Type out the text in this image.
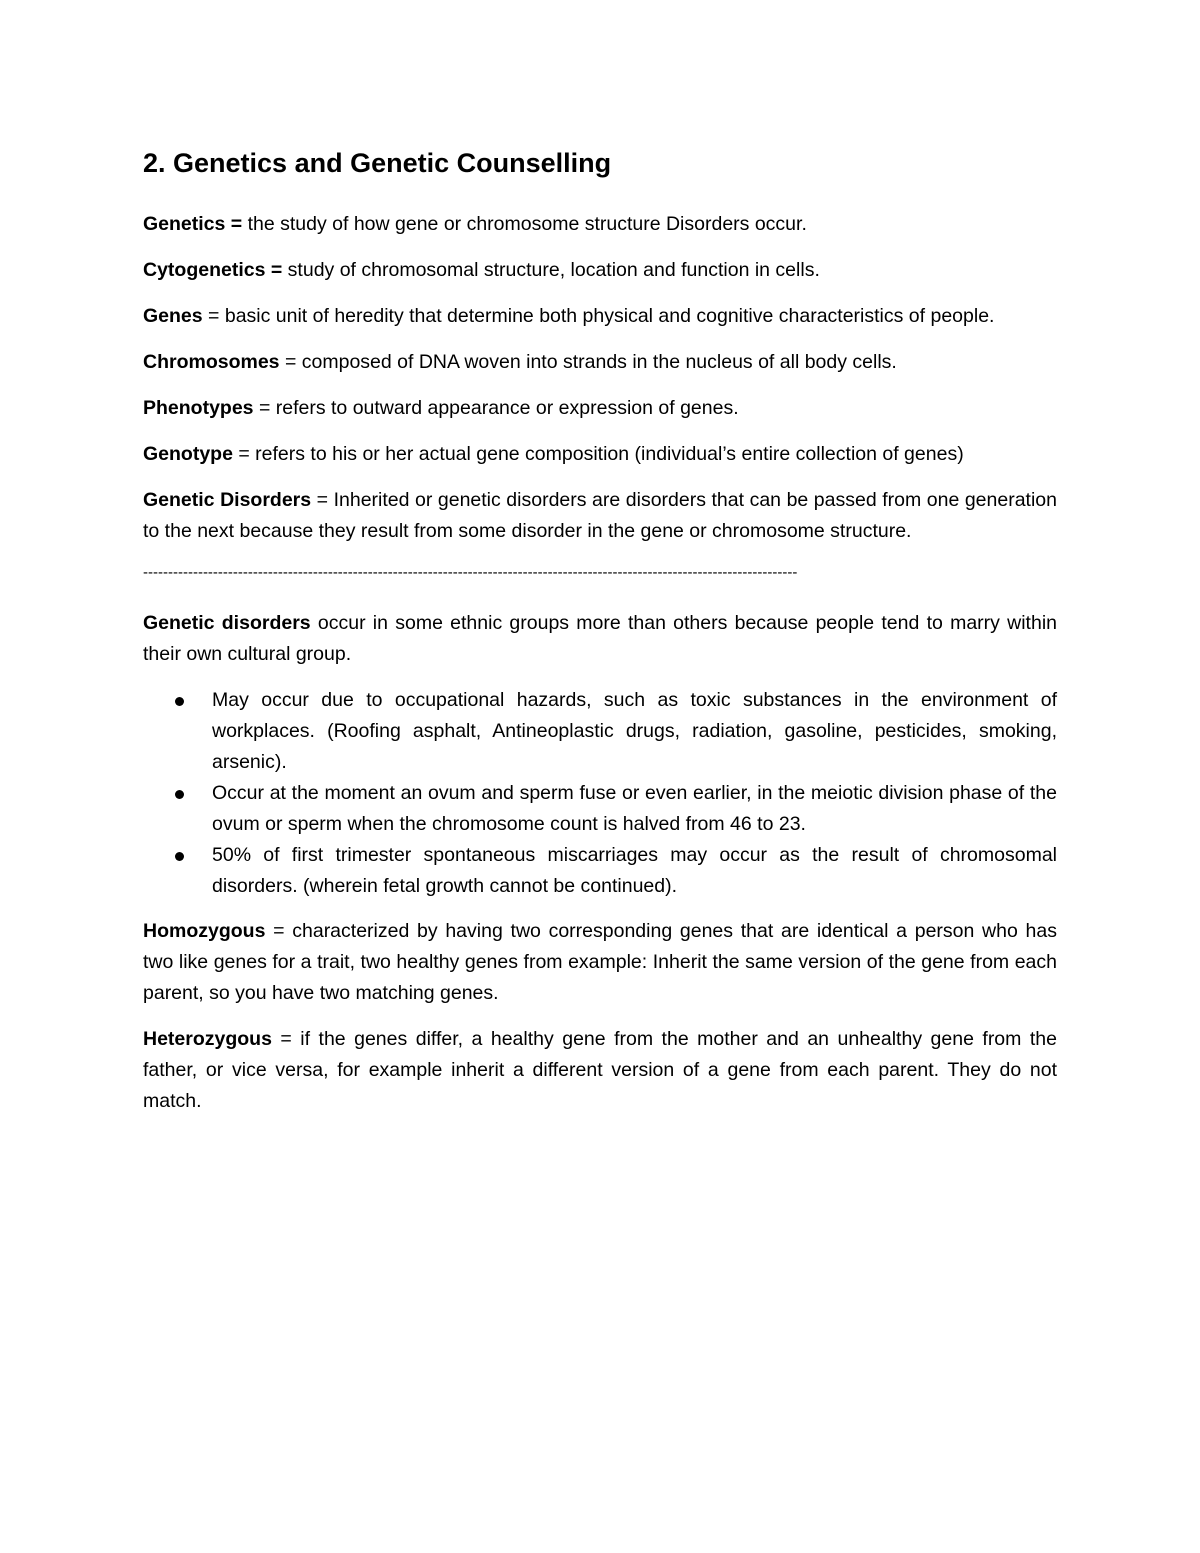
2. Genetics and Genetic Counselling

Genetics = the study of how gene or chromosome structure Disorders occur.

Cytogenetics = study of chromosomal structure, location and function in cells.

Genes = basic unit of heredity that determine both physical and cognitive characteristics of people.

Chromosomes = composed of DNA woven into strands in the nucleus of all body cells.

Phenotypes = refers to outward appearance or expression of genes.

Genotype = refers to his or her actual gene composition (individual’s entire collection of genes)

Genetic Disorders = Inherited or genetic disorders are disorders that can be passed from one generation to the next because they result from some disorder in the gene or chromosome structure.

-----------------------------------------------------------------------------------------------------------------------------------

Genetic disorders occur in some ethnic groups more than others because people tend to marry within their own cultural group.

May occur due to occupational hazards, such as toxic substances in the environment of workplaces. (Roofing asphalt, Antineoplastic drugs, radiation, gasoline, pesticides, smoking, arsenic).
Occur at the moment an ovum and sperm fuse or even earlier, in the meiotic division phase of the ovum or sperm when the chromosome count is halved from 46 to 23.
50% of first trimester spontaneous miscarriages may occur as the result of chromosomal disorders. (wherein fetal growth cannot be continued).

Homozygous = characterized by having two corresponding genes that are identical a person who has two like genes for a trait, two healthy genes from example: Inherit the same version of the gene from each parent, so you have two matching genes.

Heterozygous = if the genes differ, a healthy gene from the mother and an unhealthy gene from the father, or vice versa, for example inherit a different version of a gene from each parent. They do not match.
